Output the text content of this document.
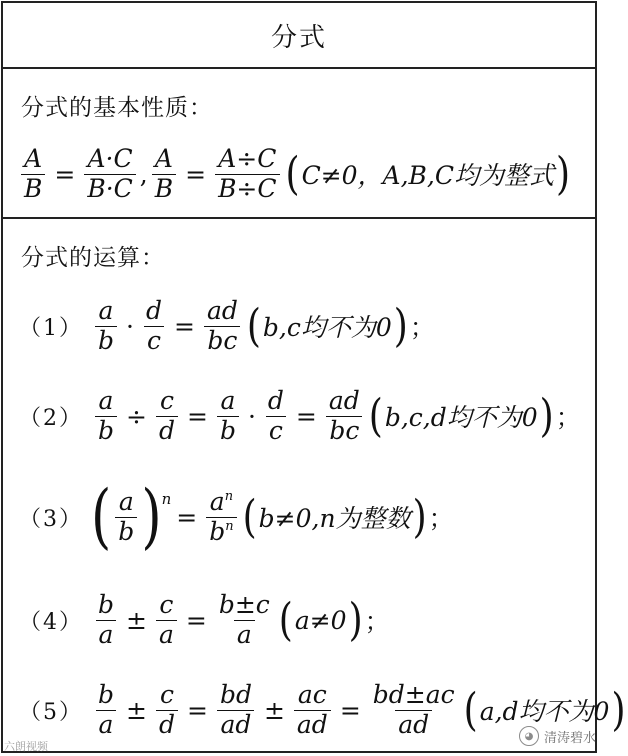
分式
分式的基本性质：
$\frac{A}{B} = \frac{A\cdot C}{B\cdot C}$ , $\frac{A}{B} = \frac{A\div C}{B\div C}$ ( C≠0，A,B,C均为整式 )
分式的运算：
$(1) \frac{a}{b} \cdot \frac{d}{c} = \frac{ad}{bc}$ ( b,c均不为0 ) ；
$(2) \frac{a}{b} \div \frac{c}{d} = \frac{a}{b} \cdot \frac{d}{c} = \frac{ad}{bc}$ ( b,c,d均不为0 ) ；
（3） ( $\frac{a}{b}$ ) n
= $\frac{a^n}{b^n}$ ( b≠0,n为整数 ) ；
$(4) \frac{b}{a} \pm \frac{c}{a} = \frac{b\pm c}{a}$ ( a≠0 ) ；
$(5) \frac{b}{a} \pm \frac{c}{d} = \frac{bd}{ad} \pm \frac{ac}{ad} = \frac{bd\pm ac}{ad}$ ( a,d均不为0 )
◕ 清涛碧水
六朗视频
